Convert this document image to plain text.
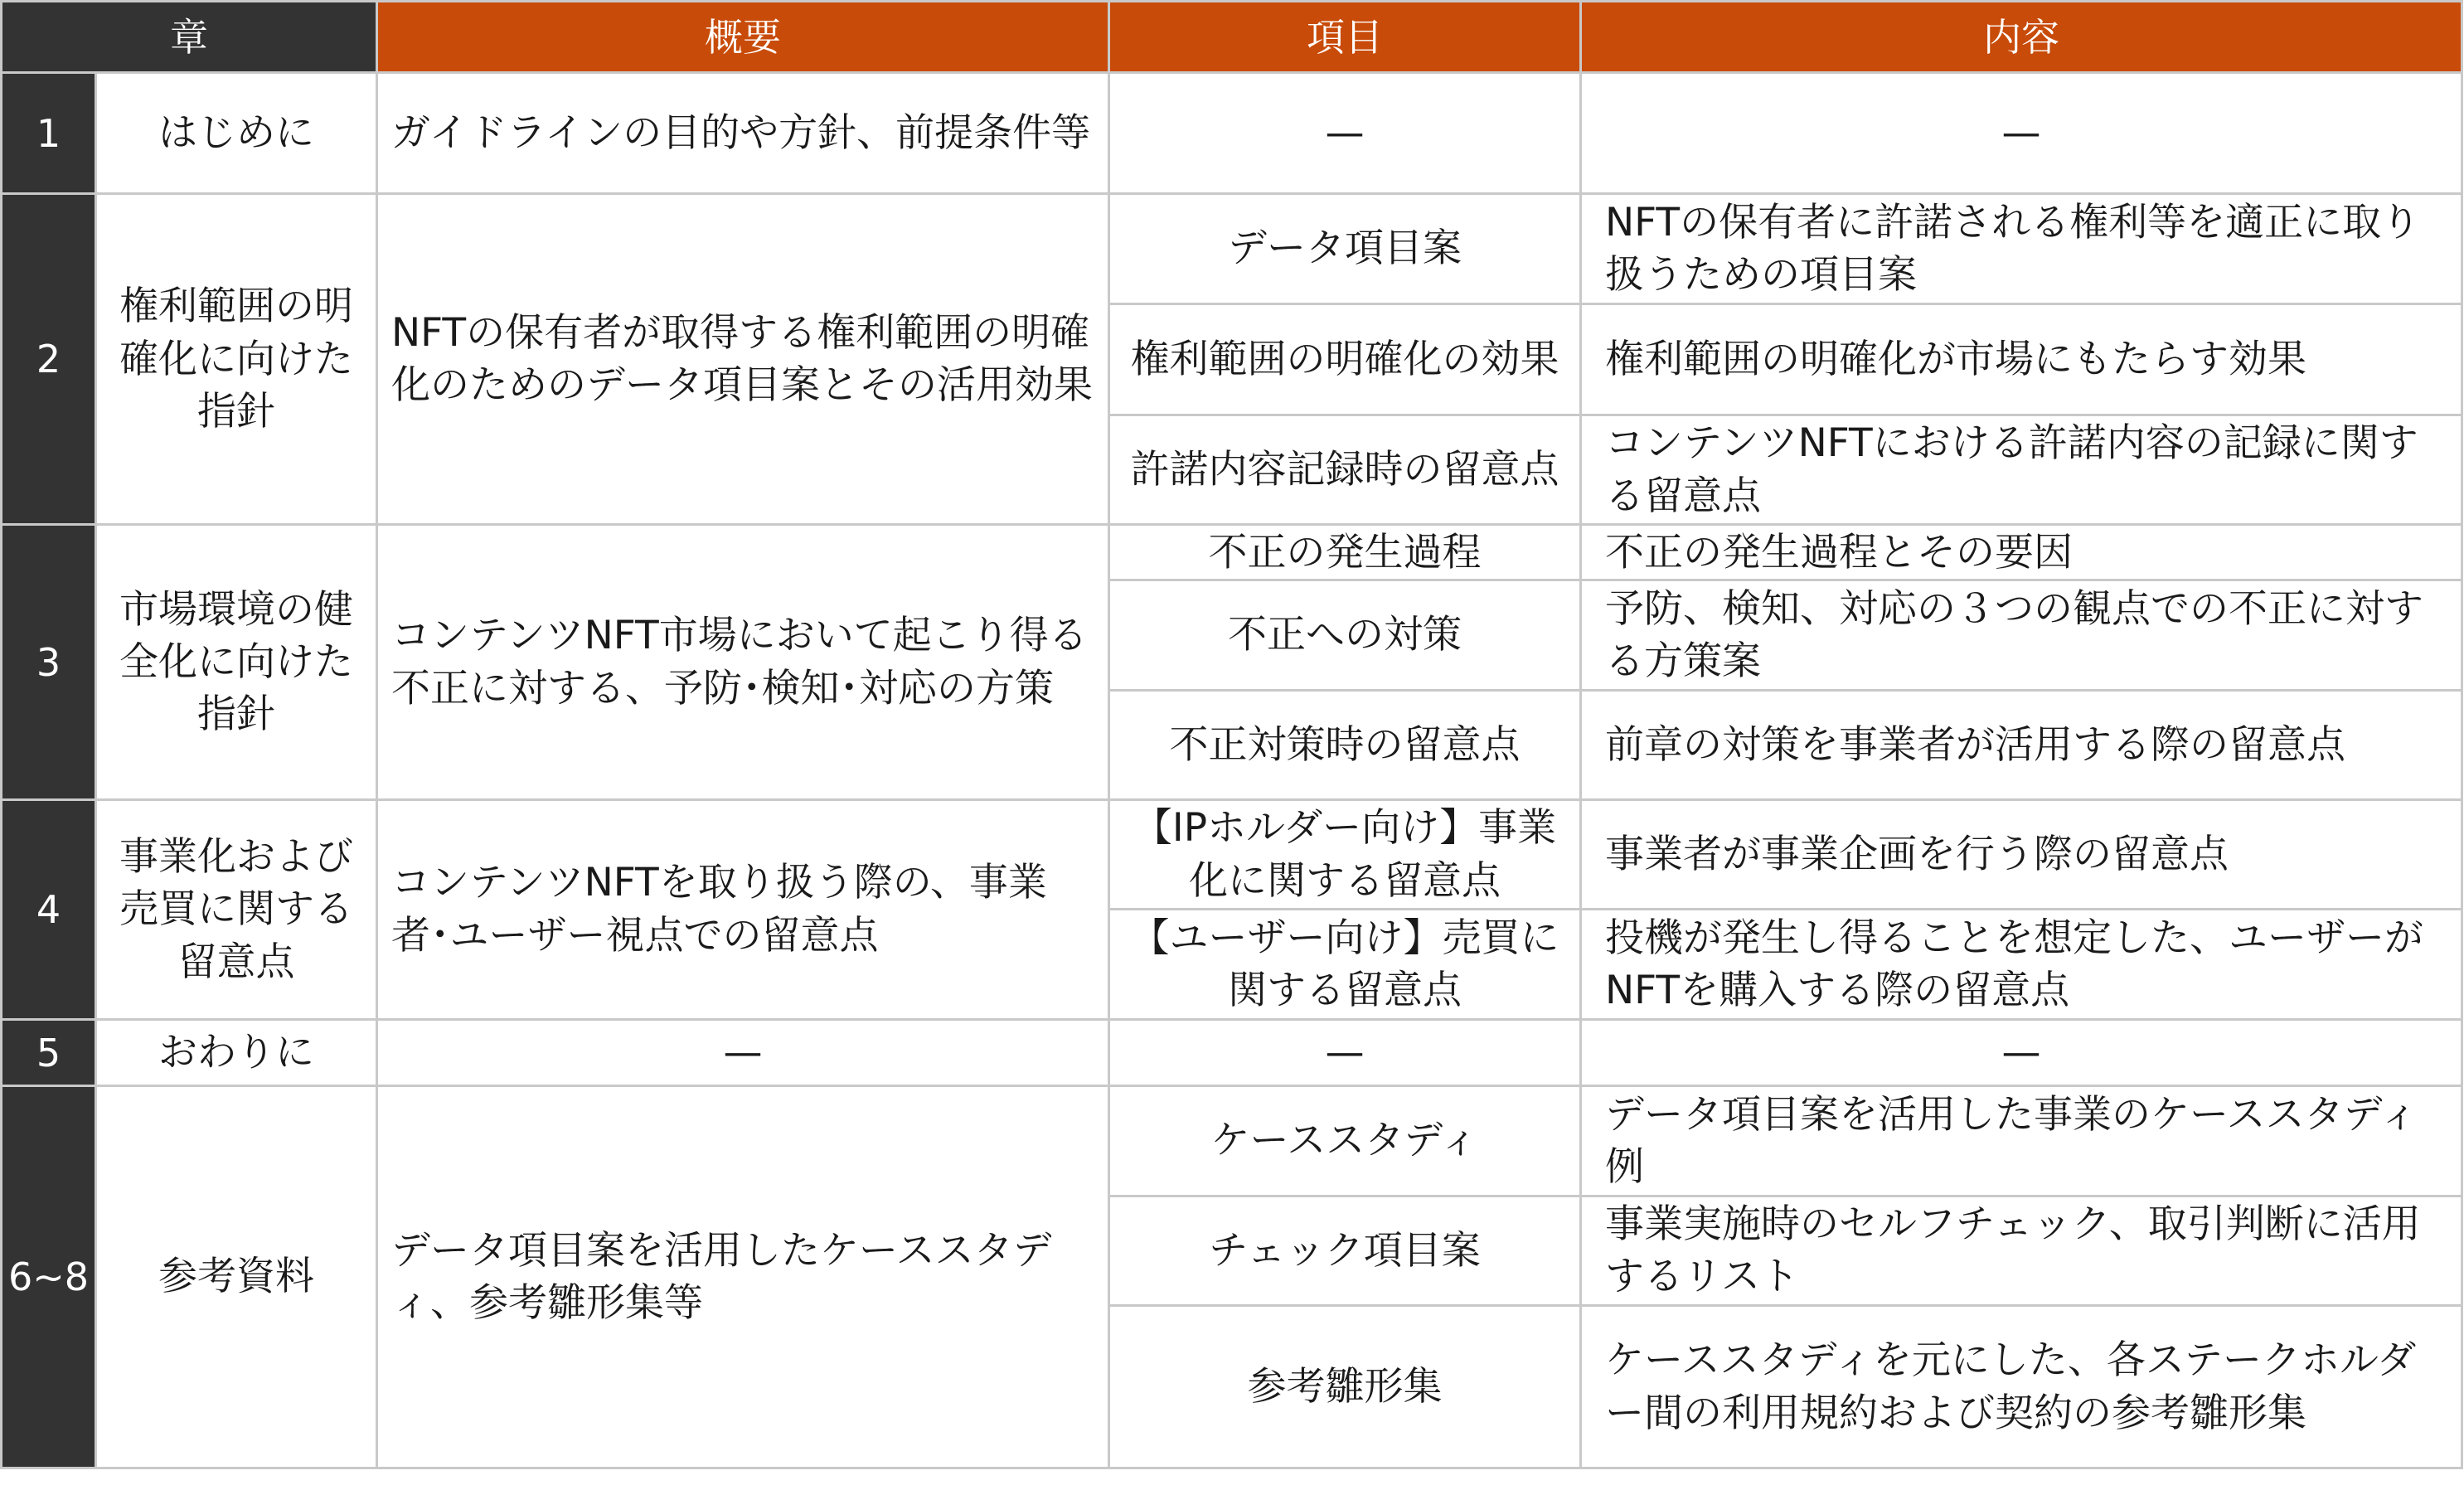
章		概要	項目	内容
1	はじめに	ガイドラインの目的や方針、前提条件等	—	—
2	権利範囲の明確化に向けた指針	NFTの保有者が取得する権利範囲の明確化のためのデータ項目案とその活用効果	データ項目案	NFTの保有者に許諾される権利等を適正に取り扱うための項目案
			権利範囲の明確化の効果	権利範囲の明確化が市場にもたらす効果
			許諾内容記録時の留意点	コンテンツNFTにおける許諾内容の記録に関する留意点
3	市場環境の健全化に向けた指針	コンテンツNFT市場において起こり得る不正に対する、予防･検知･対応の方策	不正の発生過程	不正の発生過程とその要因
			不正への対策	予防、検知、対応の３つの観点での不正に対する方策案
			不正対策時の留意点	前章の対策を事業者が活用する際の留意点
4	事業化および売買に関する留意点	コンテンツNFTを取り扱う際の、事業者･ユーザー視点での留意点	【IPホルダー向け】事業化に関する留意点	事業者が事業企画を行う際の留意点
			【ユーザー向け】売買に関する留意点	投機が発生し得ることを想定した、ユーザーがNFTを購入する際の留意点
5	おわりに	—	—	—
6~8	参考資料	データ項目案を活用したケーススタディ、参考雛形集等	ケーススタディ	データ項目案を活用した事業のケーススタディ例
			チェック項目案	事業実施時のセルフチェック、取引判断に活用するリスト
			参考雛形集	ケーススタディを元にした、各ステークホルダー間の利用規約および契約の参考雛形集
